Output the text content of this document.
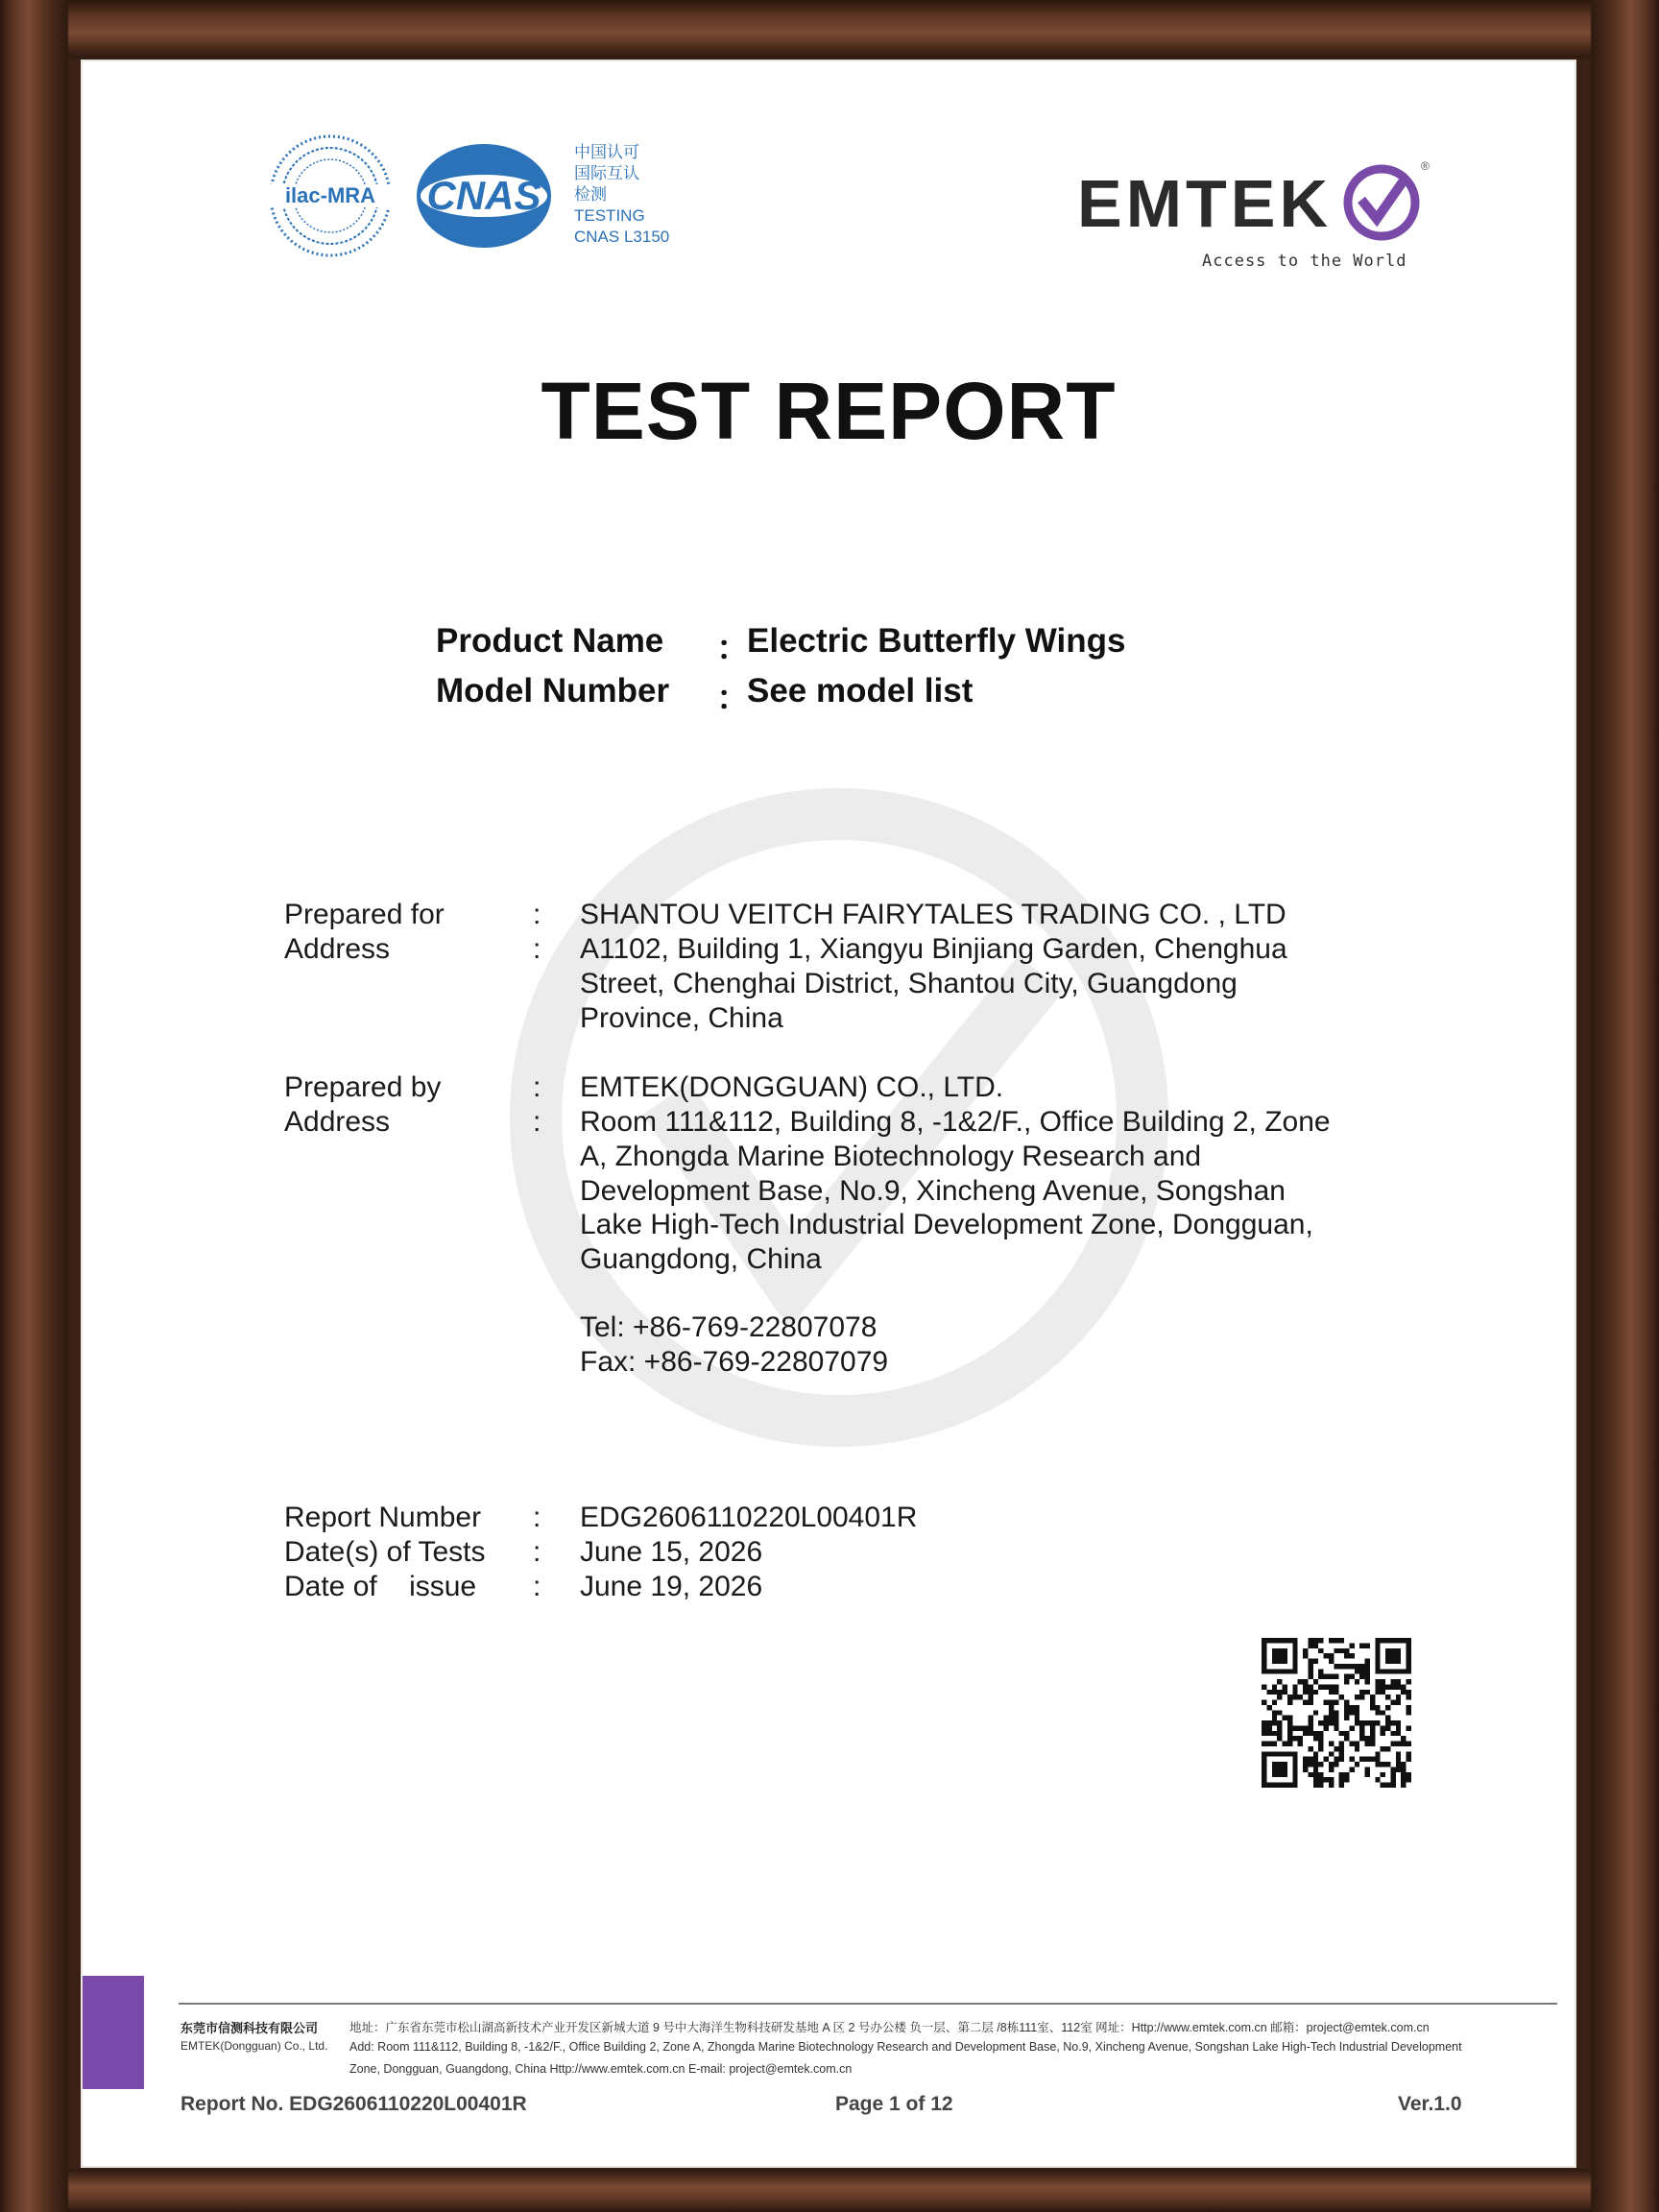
ilac-MRA CNAS
中国认可
国际互认
检测
TESTING
CNAS L3150	EMTEK	®
Access to the World
TEST REPORT
Product Name ：
Electric Butterfly Wings
Model Number ：
See model list
Prepared for	: SHANTOU VEITCH FAIRYTALES TRADING CO. , LTD
Address	: A1102, Building 1, Xiangyu Binjiang Garden, Chenghua
Street, Chenghai District, Shantou City, Guangdong
Province, China
Prepared by	: EMTEK(DONGGUAN) CO., LTD.
Address	: Room 111&112, Building 8, -1&2/F., Office Building 2, Zone
A, Zhongda Marine Biotechnology Research and
Development Base, No.9, Xincheng Avenue, Songshan
Lake High-Tech Industrial Development Zone, Dongguan,
Guangdong, China
Tel: +86-769-22807078
Fax: +86-769-22807079
Report Number : EDG2606110220L00401R
Date(s) of Tests : June 15, 2026
Date of    issue : June 19, 2026
东莞市信测科技有限公司
EMTEK(Dongguan) Co., Ltd.
地址：广东省东莞市松山湖高新技术产业开发区新城大道 9 号中大海洋生物科技研发基地 A 区 2 号办公楼 负一层、第二层 /8栋111室、112室 网址：Http://www.emtek.com.cn 邮箱：project@emtek.com.cn
Add: Room 111&112, Building 8, -1&2/F., Office Building 2, Zone A, Zhongda Marine Biotechnology Research and Development Base, No.9, Xincheng Avenue, Songshan Lake High-Tech Industrial Development
Zone, Dongguan, Guangdong, China Http://www.emtek.com.cn E-mail: project@emtek.com.cn
Report No. EDG2606110220L00401R	Page 1 of 12	Ver.1.0
